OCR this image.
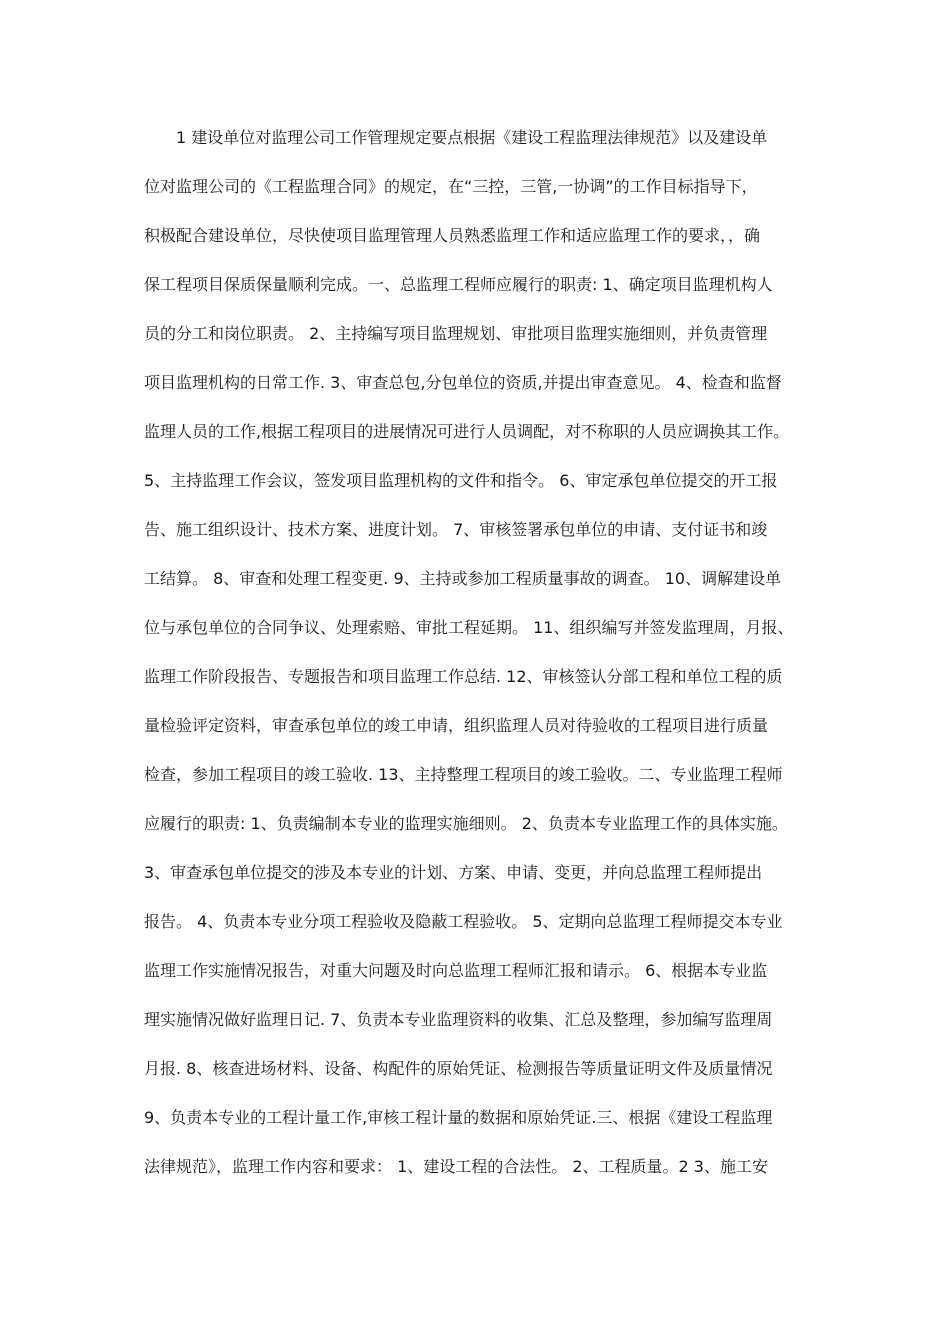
1 建设单位对监理公司工作管理规定要点根据《建设工程监理法律规范》以及建设单
位对监理公司的《工程监理合同》的规定，在“三控，三管,一协调”的工作目标指导下，
积极配合建设单位，尽快使项目监理管理人员熟悉监理工作和适应监理工作的要求，，确
保工程项目保质保量顺利完成。一、总监理工程师应履行的职责: 1、确定项目监理机构人
员的分工和岗位职责。 2、主持编写项目监理规划、审批项目监理实施细则，并负责管理
项目监理机构的日常工作. 3、审查总包,分包单位的资质,并提出审查意见。 4、检查和监督
监理人员的工作,根据工程项目的进展情况可进行人员调配，对不称职的人员应调换其工作。
5、主持监理工作会议，签发项目监理机构的文件和指令。 6、审定承包单位提交的开工报
告、施工组织设计、技术方案、进度计划。 7、审核签署承包单位的申请、支付证书和竣
工结算。 8、审查和处理工程变更. 9、主持或参加工程质量事故的调查。 10、调解建设单
位与承包单位的合同争议、处理索赔、审批工程延期。 11、组织编写并签发监理周，月报、
监理工作阶段报告、专题报告和项目监理工作总结. 12、审核签认分部工程和单位工程的质
量检验评定资料，审查承包单位的竣工申请，组织监理人员对待验收的工程项目进行质量
检查，参加工程项目的竣工验收. 13、主持整理工程项目的竣工验收。二、专业监理工程师
应履行的职责: 1、负责编制本专业的监理实施细则。 2、负责本专业监理工作的具体实施。
3、审查承包单位提交的涉及本专业的计划、方案、申请、变更，并向总监理工程师提出
报告。 4、负责本专业分项工程验收及隐蔽工程验收。 5、定期向总监理工程师提交本专业
监理工作实施情况报告，对重大问题及时向总监理工程师汇报和请示。 6、根据本专业监
理实施情况做好监理日记. 7、负责本专业监理资料的收集、汇总及整理，参加编写监理周
月报. 8、核查进场材料、设备、构配件的原始凭证、检测报告等质量证明文件及质量情况
9、负责本专业的工程计量工作,审核工程计量的数据和原始凭证.三、根据《建设工程监理
法律规范》，监理工作内容和要求： 1、建设工程的合法性。 2、工程质量。2 3、施工安
